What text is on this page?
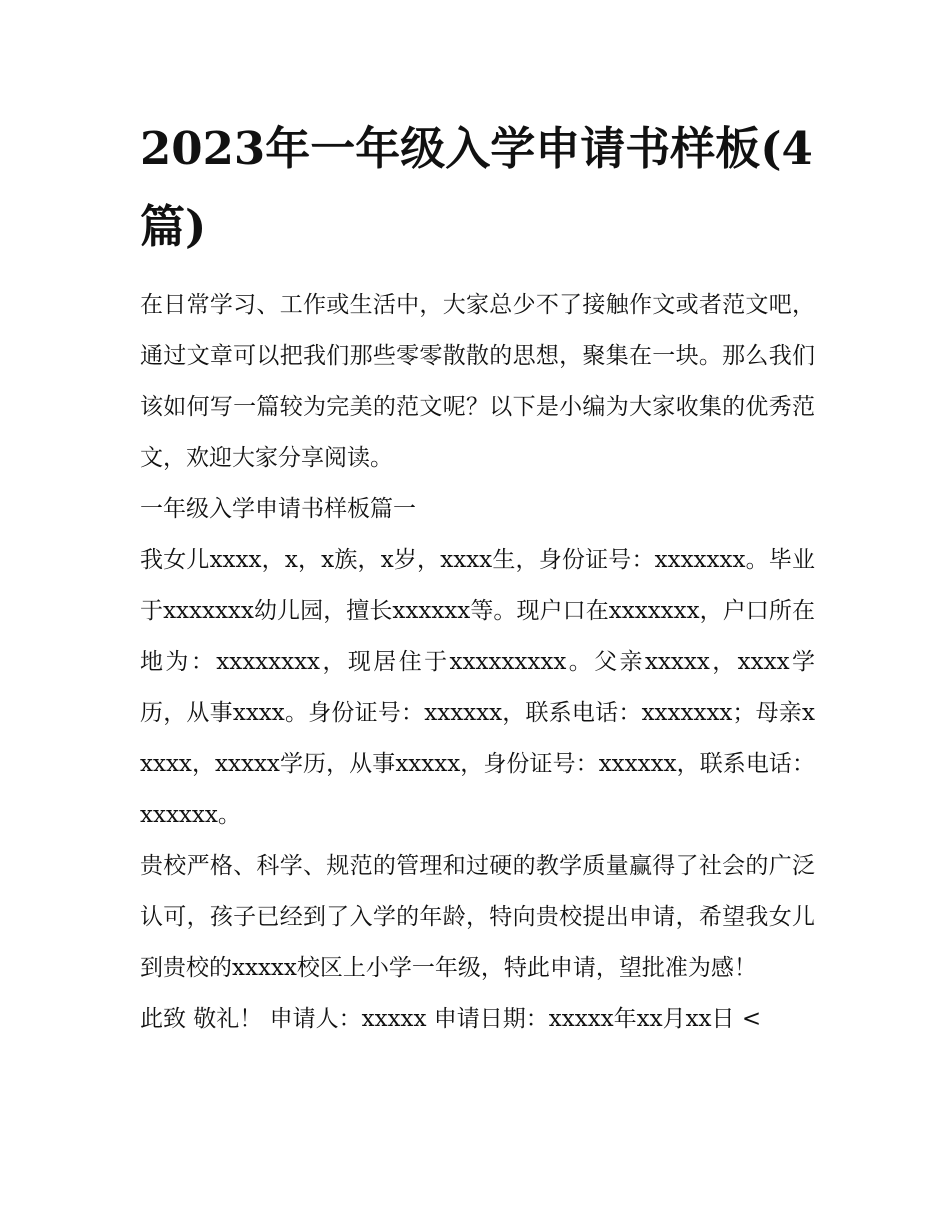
2023年一年级入学申请书样板(4篇)

在日常学习、工作或生活中，大家总少不了接触作文或者范文吧，通过文章可以把我们那些零零散散的思想，聚集在一块。那么我们该如何写一篇较为完美的范文呢？以下是小编为大家收集的优秀范文，欢迎大家分享阅读。

一年级入学申请书样板篇一

我女儿xxxx，x，x族，x岁，xxxx生，身份证号：xxxxxxx。毕业于xxxxxxx幼儿园，擅长xxxxxx等。现户口在xxxxxxx，户口所在地为：xxxxxxxx，现居住于xxxxxxxxx。父亲xxxxx，xxxx学历，从事xxxx。身份证号：xxxxxx，联系电话：xxxxxxx；母亲xxxxx，xxxxx学历，从事xxxxx，身份证号：xxxxxx，联系电话：xxxxxx。

贵校严格、科学、规范的管理和过硬的教学质量赢得了社会的广泛认可，孩子已经到了入学的年龄，特向贵校提出申请，希望我女儿到贵校的xxxxx校区上小学一年级，特此申请，望批准为感！

此致 敬礼！ 申请人：xxxxx 申请日期：xxxxx年xx月xx日 <
